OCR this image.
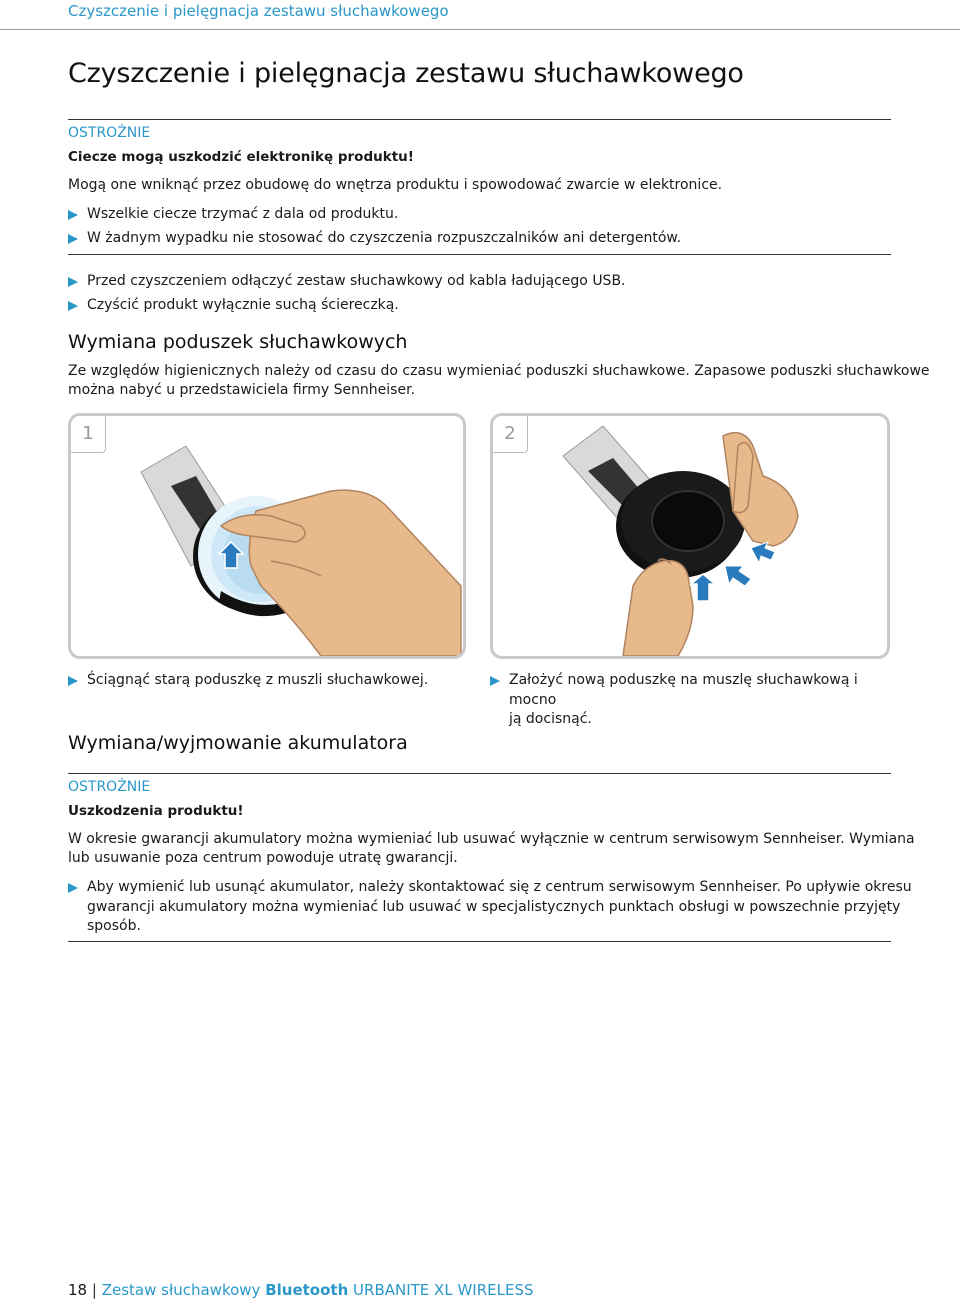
Czyszczenie i pielęgnacja zestawu słuchawkowego
Czyszczenie i pielęgnacja zestawu słuchawkowego
OSTROŻNIE
Ciecze mogą uszkodzić elektronikę produktu!
Mogą one wniknąć przez obudowę do wnętrza produktu i spowodować zwarcie w elektronice.
Wszelkie ciecze trzymać z dala od produktu.
W żadnym wypadku nie stosować do czyszczenia rozpuszczalników ani detergentów.
Przed czyszczeniem odłączyć zestaw słuchawkowy od kabla ładującego USB.
Czyścić produkt wyłącznie suchą ściereczką.
Wymiana poduszek słuchawkowych
Ze względów higienicznych należy od czasu do czasu wymieniać poduszki słuchawkowe. Zapasowe poduszki słuchawkowe
można nabyć u przedstawiciela firmy Sennheiser.
1	2
Ściągnąć starą poduszkę z muszli słuchawkowej.	Założyć nową poduszkę na muszlę słuchawkową i mocno
ją docisnąć.
Wymiana/wyjmowanie akumulatora
OSTROŻNIE
Uszkodzenia produktu!
W okresie gwarancji akumulatory można wymieniać lub usuwać wyłącznie w centrum serwisowym Sennheiser. Wymiana
lub usuwanie poza centrum powoduje utratę gwarancji.
Aby wymienić lub usunąć akumulator, należy skontaktować się z centrum serwisowym Sennheiser. Po upływie okresu
gwarancji akumulatory można wymieniać lub usuwać w specjalistycznych punktach obsługi w powszechnie przyjęty
sposób.
18 | Zestaw słuchawkowy Bluetooth URBANITE XL WIRELESS
